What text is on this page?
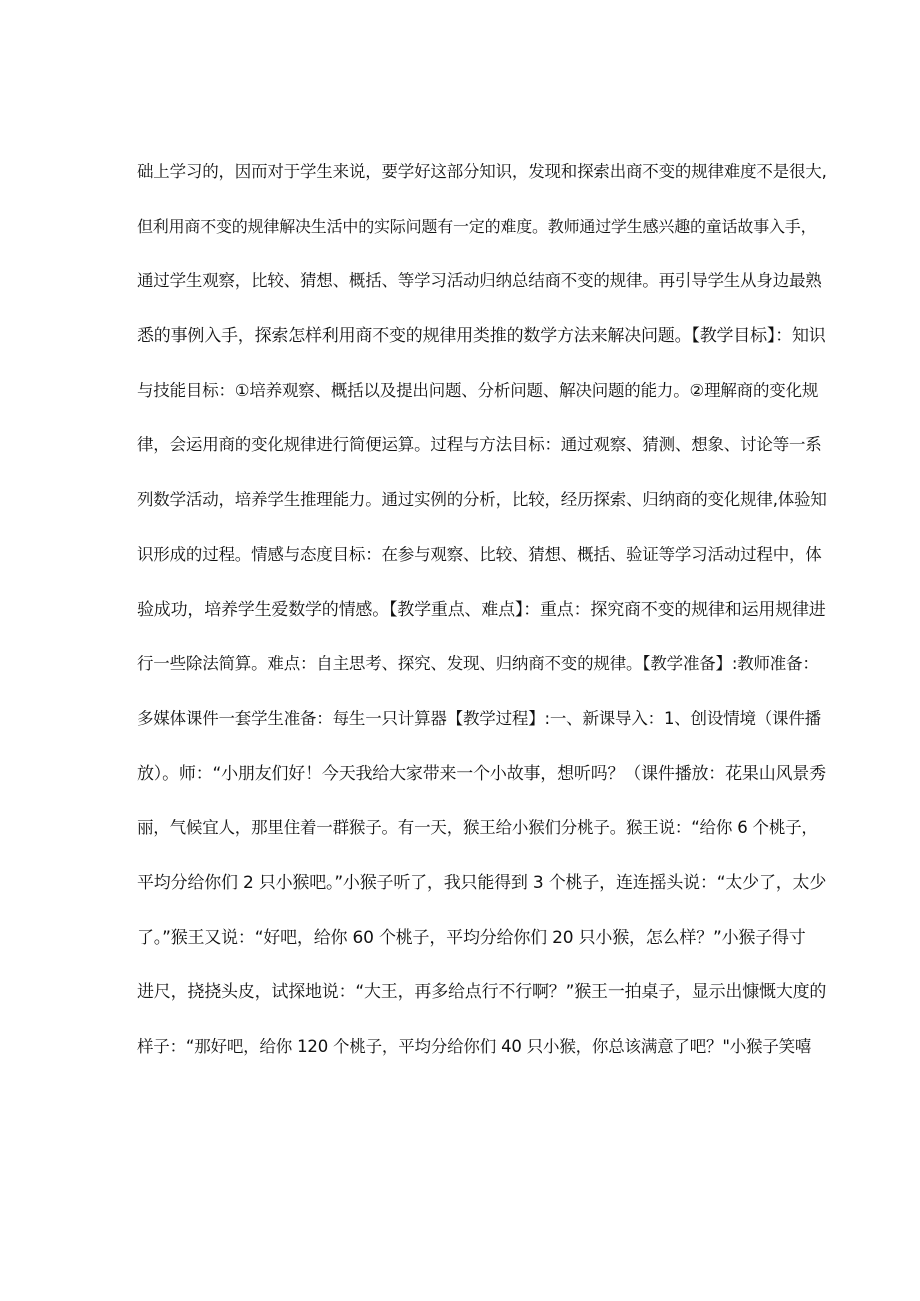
础上学习的，因而对于学生来说，要学好这部分知识，发现和探索出商不变的规律难度不是很大,
但利用商不变的规律解决生活中的实际问题有一定的难度。教师通过学生感兴趣的童话故事入手，
通过学生观察，比较、猜想、概括、等学习活动归纳总结商不变的规律。再引导学生从身边最熟
悉的事例入手，探索怎样利用商不变的规律用类推的数学方法来解决问题。【教学目标】：知识
与技能目标：①培养观察、概括以及提出问题、分析问题、解决问题的能力。②理解商的变化规
律，会运用商的变化规律进行简便运算。过程与方法目标：通过观察、猜测、想象、讨论等一系
列数学活动，培养学生推理能力。通过实例的分析，比较，经历探索、归纳商的变化规律,体验知
识形成的过程。情感与态度目标：在参与观察、比较、猜想、概括、验证等学习活动过程中，体
验成功，培养学生爱数学的情感。【教学重点、难点】：重点：探究商不变的规律和运用规律进
行一些除法简算。难点：自主思考、探究、发现、归纳商不变的规律。【教学准备】:教师准备：
多媒体课件一套学生准备：每生一只计算器【教学过程】:一、新课导入：1、创设情境（课件播
放）。师：“小朋友们好！今天我给大家带来一个小故事，想听吗？（课件播放：花果山风景秀
丽，气候宜人，那里住着一群猴子。有一天，猴王给小猴们分桃子。猴王说：“给你 6 个桃子，
平均分给你们 2 只小猴吧。”小猴子听了，我只能得到 3 个桃子，连连摇头说：“太少了，太少
了。”猴王又说：“好吧，给你 60 个桃子，平均分给你们 20 只小猴，怎么样？”小猴子得寸
进尺，挠挠头皮，试探地说：“大王，再多给点行不行啊？”猴王一拍桌子，显示出慷慨大度的
样子：“那好吧，给你 120 个桃子，平均分给你们 40 只小猴，你总该满意了吧？"小猴子笑嘻
